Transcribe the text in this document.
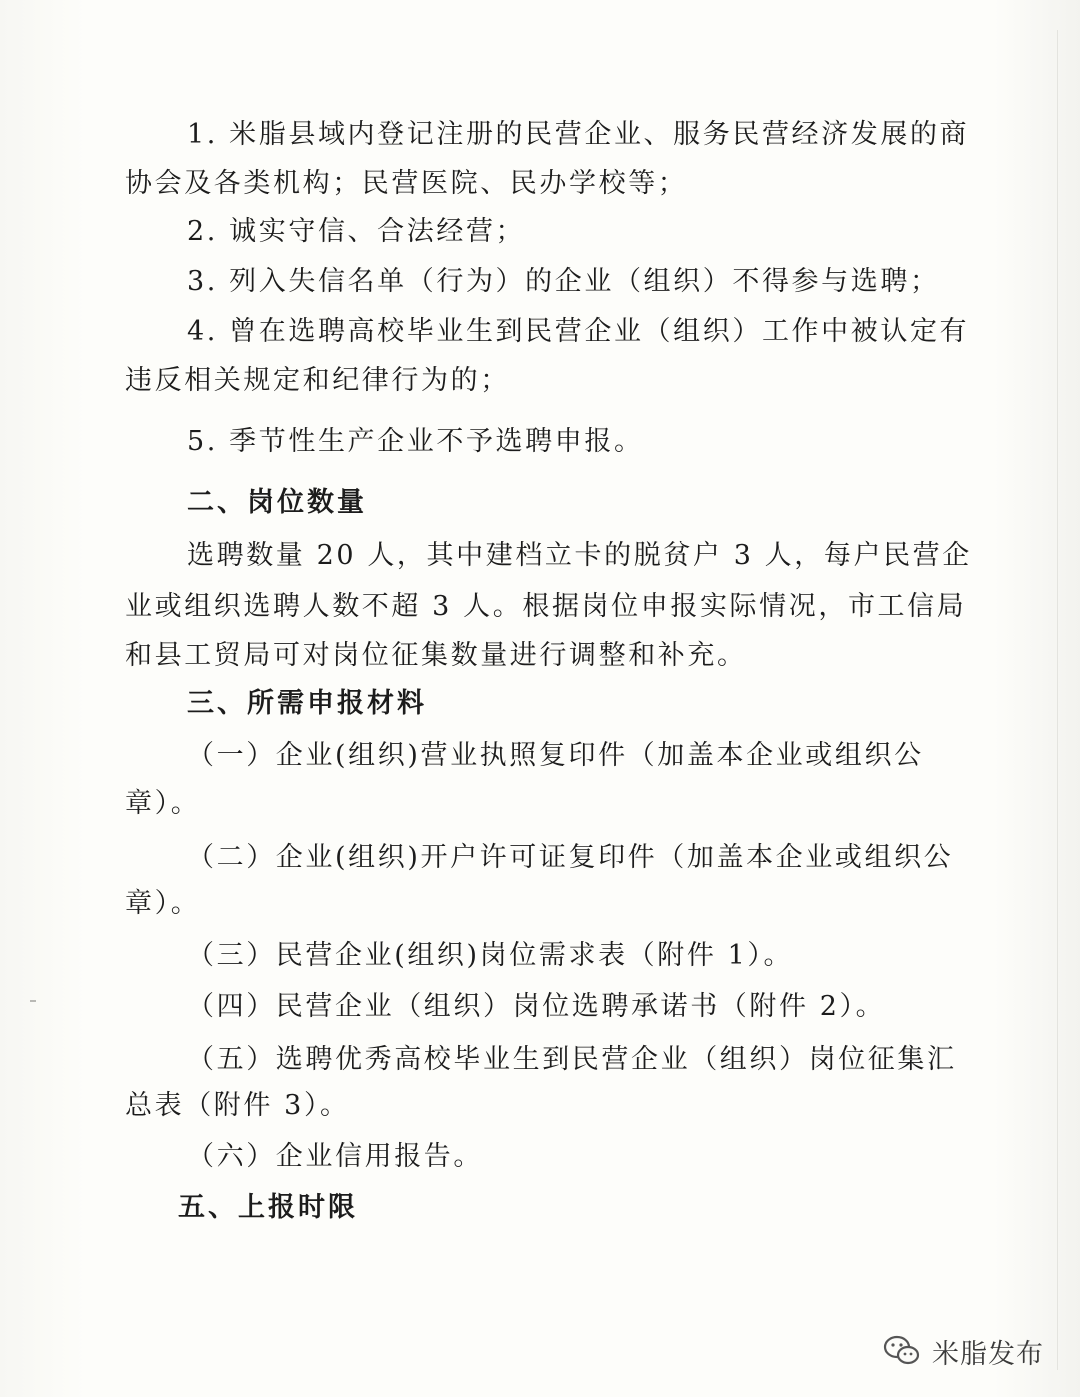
1. 米脂县域内登记注册的民营企业、服务民营经济发展的商
协会及各类机构；民营医院、民办学校等；
2. 诚实守信、合法经营；
3. 列入失信名单（行为）的企业（组织）不得参与选聘；
4. 曾在选聘高校毕业生到民营企业（组织）工作中被认定有
违反相关规定和纪律行为的；
5. 季节性生产企业不予选聘申报。
二、岗位数量
选聘数量 20 人，其中建档立卡的脱贫户 3 人，每户民营企
业或组织选聘人数不超 3 人。根据岗位申报实际情况，市工信局
和县工贸局可对岗位征集数量进行调整和补充。
三、所需申报材料
（一）企业(组织)营业执照复印件（加盖本企业或组织公
章）。
（二）企业(组织)开户许可证复印件（加盖本企业或组织公
章）。
（三）民营企业(组织)岗位需求表（附件 1）。
（四）民营企业（组织）岗位选聘承诺书（附件 2）。
（五）选聘优秀高校毕业生到民营企业（组织）岗位征集汇
总表（附件 3）。
（六）企业信用报告。
五、上报时限
米脂发布
